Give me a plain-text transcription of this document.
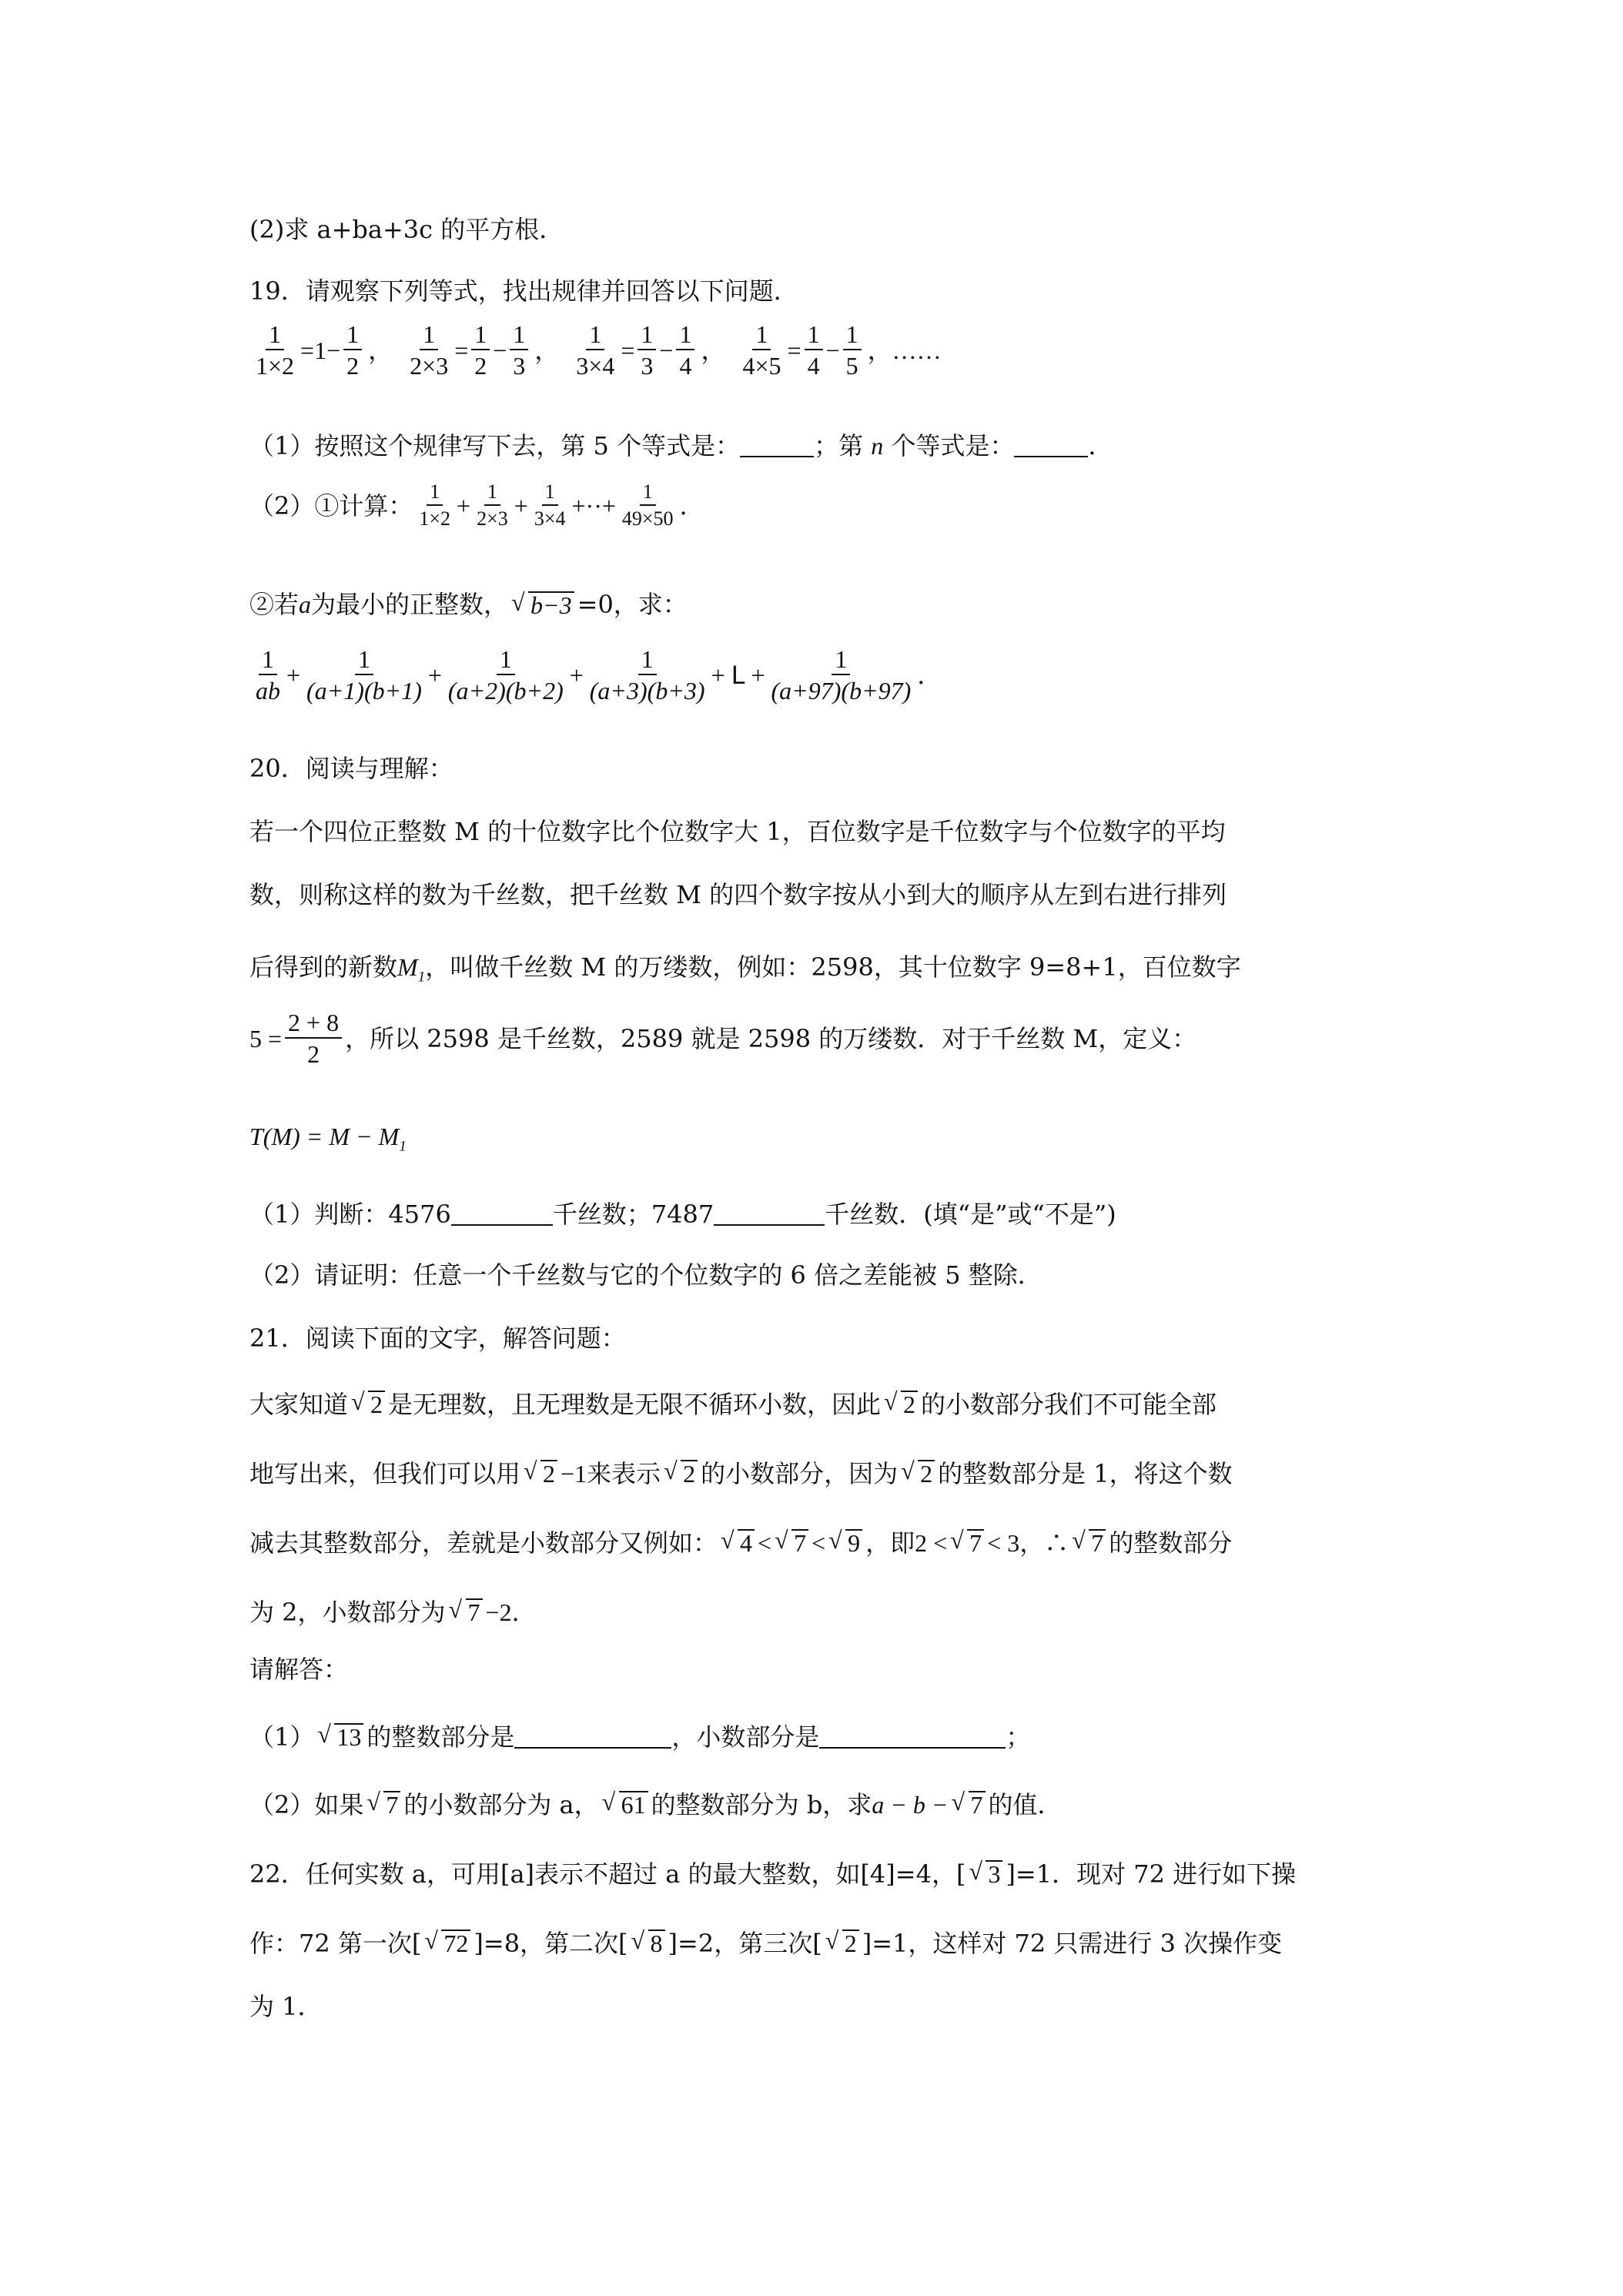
(2)求 a+ba+3c 的平方根．
19．请观察下列等式，找出规律并回答以下问题．
$\frac{1}{1\times 2} = 1 - \frac{1}{2}$ ， $\frac{1}{2\times 3} = \frac{1}{2} - \frac{1}{3}$ ， $\frac{1}{3\times 4} = \frac{1}{3} - \frac{1}{4}$ ， $\frac{1}{4\times 5} = \frac{1}{4} - \frac{1}{5}$ ， ……
（1）按照这个规律写下去，第 5 个等式是：	；第 n 个等式是：	．
（2）①计算： $\frac{1}{1\times 2} + \frac{1}{2\times 3} + \frac{1}{3\times 4}$ +··+ $\frac{1}{49\times 50}$ ．
②若 a 为最小的正整数， √ b−3 =0，求：
$\frac{1}{ab} + \frac{1}{(a+1)(b+1)} + \frac{1}{(a+2)(b+2)} + \frac{1}{(a+3)(b+3)} + L + \frac{1}{(a+97)(b+97)}$ ．
20．阅读与理解：
若一个四位正整数 M 的十位数字比个位数字大 1，百位数字是千位数字与个位数字的平均
数，则称这样的数为千丝数，把千丝数 M 的四个数字按从小到大的顺序从左到右进行排列
后得到的新数$M_1$，叫做千丝数 M 的万缕数，例如：2598，其十位数字 9=8+1，百位数字
$5 = \frac{2 + 8}{2}$ ，所以 2598 是千丝数，2589 就是 2598 的万缕数．对于千丝数 M，定义：
$T(M) = M - M_1$
（1）判断：4576	千丝数；7487	千丝数．(填“是”或“不是”)
（2）请证明：任意一个千丝数与它的个位数字的 6 倍之差能被 5 整除．
21．阅读下面的文字，解答问题：
大家知道 √ 2 是无理数，且无理数是无限不循环小数，因此 √ 2 的小数部分我们不可能全部
地写出来，但我们可以用 √ 2 −1来表示 √ 2 的小数部分，因为 √ 2 的整数部分是 1，将这个数
减去其整数部分，差就是小数部分又例如： √ 4 < √ 7 < √ 9 ，即2 < √ 7 < 3，∴ √ 7 的整数部分
为 2，小数部分为 √ 7 −2．
请解答：
（1） √ 13 的整数部分是	，小数部分是	；
（2）如果 √ 7 的小数部分为 a， √ 61 的整数部分为 b，求a − b − √ 7 的值．
22．任何实数 a，可用[a]表示不超过 a 的最大整数，如[4]=4，[ √ 3 ]=1．现对 72 进行如下操
作：72 第一次[ √ 72 ]=8，第二次[ √ 8 ]=2，第三次[ √ 2 ]=1，这样对 72 只需进行 3 次操作变
为 1．
